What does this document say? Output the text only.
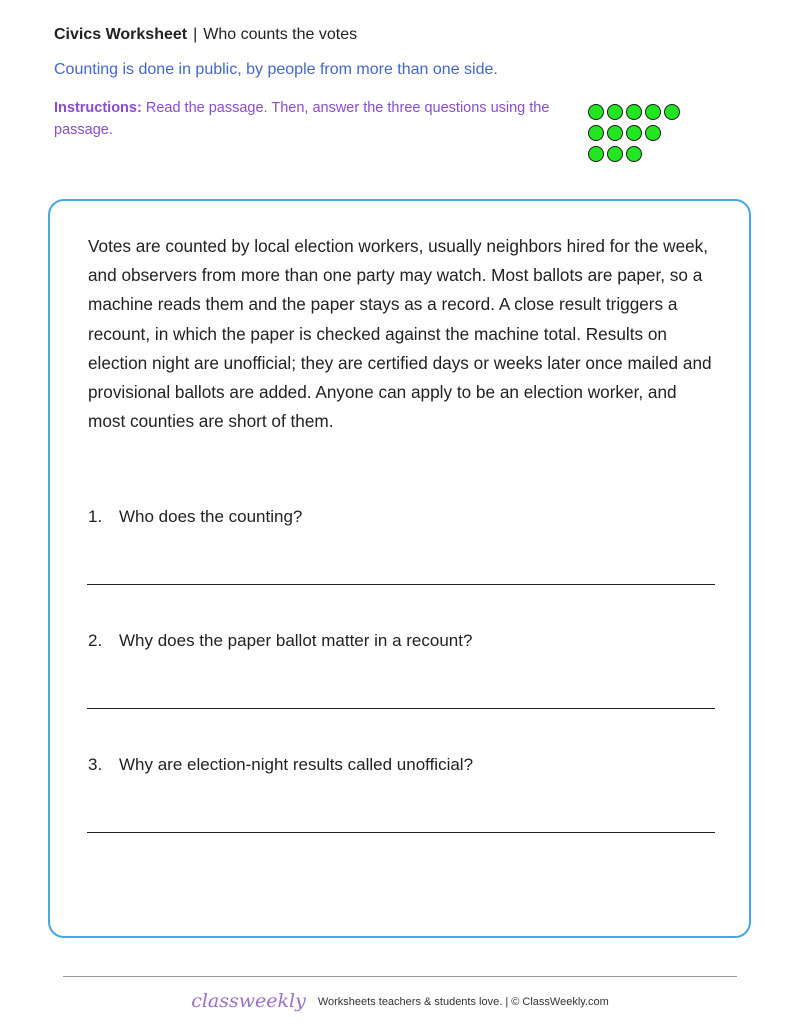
Civics Worksheet | Who counts the votes
Counting is done in public, by people from more than one side.
Instructions: Read the passage. Then, answer the three questions using the passage.
Votes are counted by local election workers, usually neighbors hired for the week, and observers from more than one party may watch. Most ballots are paper, so a machine reads them and the paper stays as a record. A close result triggers a recount, in which the paper is checked against the machine total. Results on election night are unofficial; they are certified days or weeks later once mailed and provisional ballots are added. Anyone can apply to be an election worker, and most counties are short of them.
1. Who does the counting?
2. Why does the paper ballot matter in a recount?
3. Why are election-night results called unofficial?
classweekly Worksheets teachers & students love. | © ClassWeekly.com
